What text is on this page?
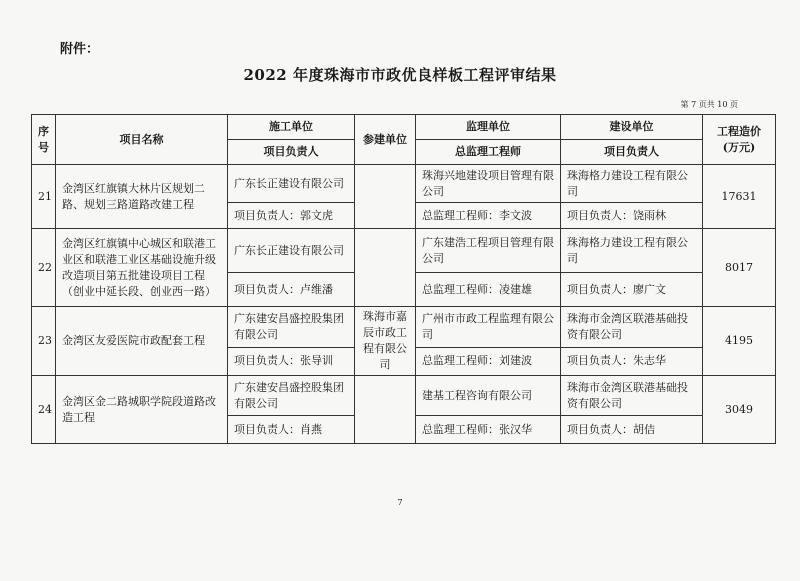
附件：
2022 年度珠海市市政优良样板工程评审结果
第 7 页共 10 页
序号	项目名称	施工单位	参建单位	监理单位	建设单位	工程造价(万元)
		项目负责人		总监理工程师	项目负责人	
21	金湾区红旗镇大林片区规划二路、规划三路道路改建工程	广东长正建设有限公司		珠海兴地建设项目管理有限公司	珠海格力建设工程有限公司	17631
		项目负责人：郭文虎		总监理工程师：李文波	项目负责人：饶雨林	
22	金湾区红旗镇中心城区和联港工业区和联港工业区基础设施升级改造项目第五批建设项目工程（创业中延长段、创业西一路）	广东长正建设有限公司		广东建浩工程项目管理有限公司	珠海格力建设工程有限公司	8017
		项目负责人：卢维潘		总监理工程师：凌建雄	项目负责人：廖广文	
23	金湾区友爱医院市政配套工程	广东建安昌盛控股集团有限公司	珠海市嘉辰市政工程有限公司	广州市市政工程监理有限公司	珠海市金湾区联港基础投资有限公司	4195
		项目负责人：张导训		总监理工程师：刘建波	项目负责人：朱志华	
24	金湾区金二路城职学院段道路改造工程	广东建安昌盛控股集团有限公司		建基工程咨询有限公司	珠海市金湾区联港基础投资有限公司	3049
		项目负责人：肖燕		总监理工程师：张汉华	项目负责人：胡佶	
7
